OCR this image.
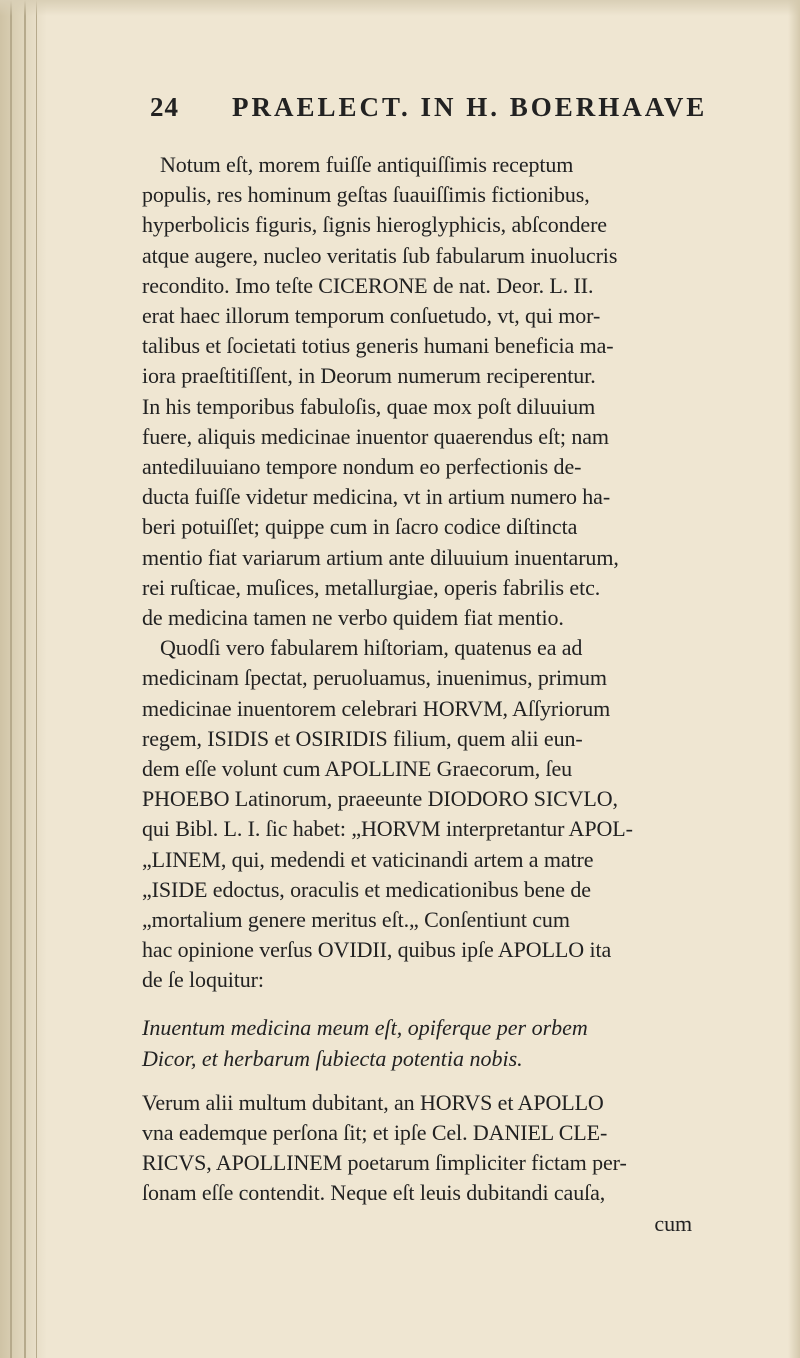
24 PRAELECT. IN H. BOERHAAVE
Notum eſt, morem fuiſſe antiquiſſimis receptum
populis, res hominum geſtas ſuauiſſimis fictionibus,
hyperbolicis figuris, ſignis hieroglyphicis, abſcondere
atque augere, nucleo veritatis ſub fabularum inuolucris
recondito. Imo teſte CICERONE de nat. Deor. L. II.
erat haec illorum temporum conſuetudo, vt, qui mor-
talibus et ſocietati totius generis humani beneficia ma-
iora praeſtitiſſent, in Deorum numerum reciperentur.
In his temporibus fabuloſis, quae mox poſt diluuium
fuere, aliquis medicinae inuentor quaerendus eſt; nam
antediluuiano tempore nondum eo perfectionis de-
ducta fuiſſe videtur medicina, vt in artium numero ha-
beri potuiſſet; quippe cum in ſacro codice diſtincta
mentio fiat variarum artium ante diluuium inuentarum,
rei ruſticae, muſices, metallurgiae, operis fabrilis etc.
de medicina tamen ne verbo quidem fiat mentio.
Quodſi vero fabularem hiſtoriam, quatenus ea ad
medicinam ſpectat, peruoluamus, inuenimus, primum
medicinae inuentorem celebrari HORVM, Aſſyriorum
regem, ISIDIS et OSIRIDIS filium, quem alii eun-
dem eſſe volunt cum APOLLINE Graecorum, ſeu
PHOEBO Latinorum, praeeunte DIODORO SICVLO,
qui Bibl. L. I. ſic habet: „HORVM interpretantur APOL-
„LINEM, qui, medendi et vaticinandi artem a matre
„ISIDE edoctus, oraculis et medicationibus bene de
„mortalium genere meritus eſt.„ Conſentiunt cum
hac opinione verſus OVIDII, quibus ipſe APOLLO ita
de ſe loquitur:
Inuentum medicina meum eſt, opiferque per orbem
Dicor, et herbarum ſubiecta potentia nobis.
Verum alii multum dubitant, an HORVS et APOLLO
vna eademque perſona ſit; et ipſe Cel. DANIEL CLE-
RICVS, APOLLINEM poetarum ſimpliciter fictam per-
ſonam eſſe contendit. Neque eſt leuis dubitandi cauſa,
cum
